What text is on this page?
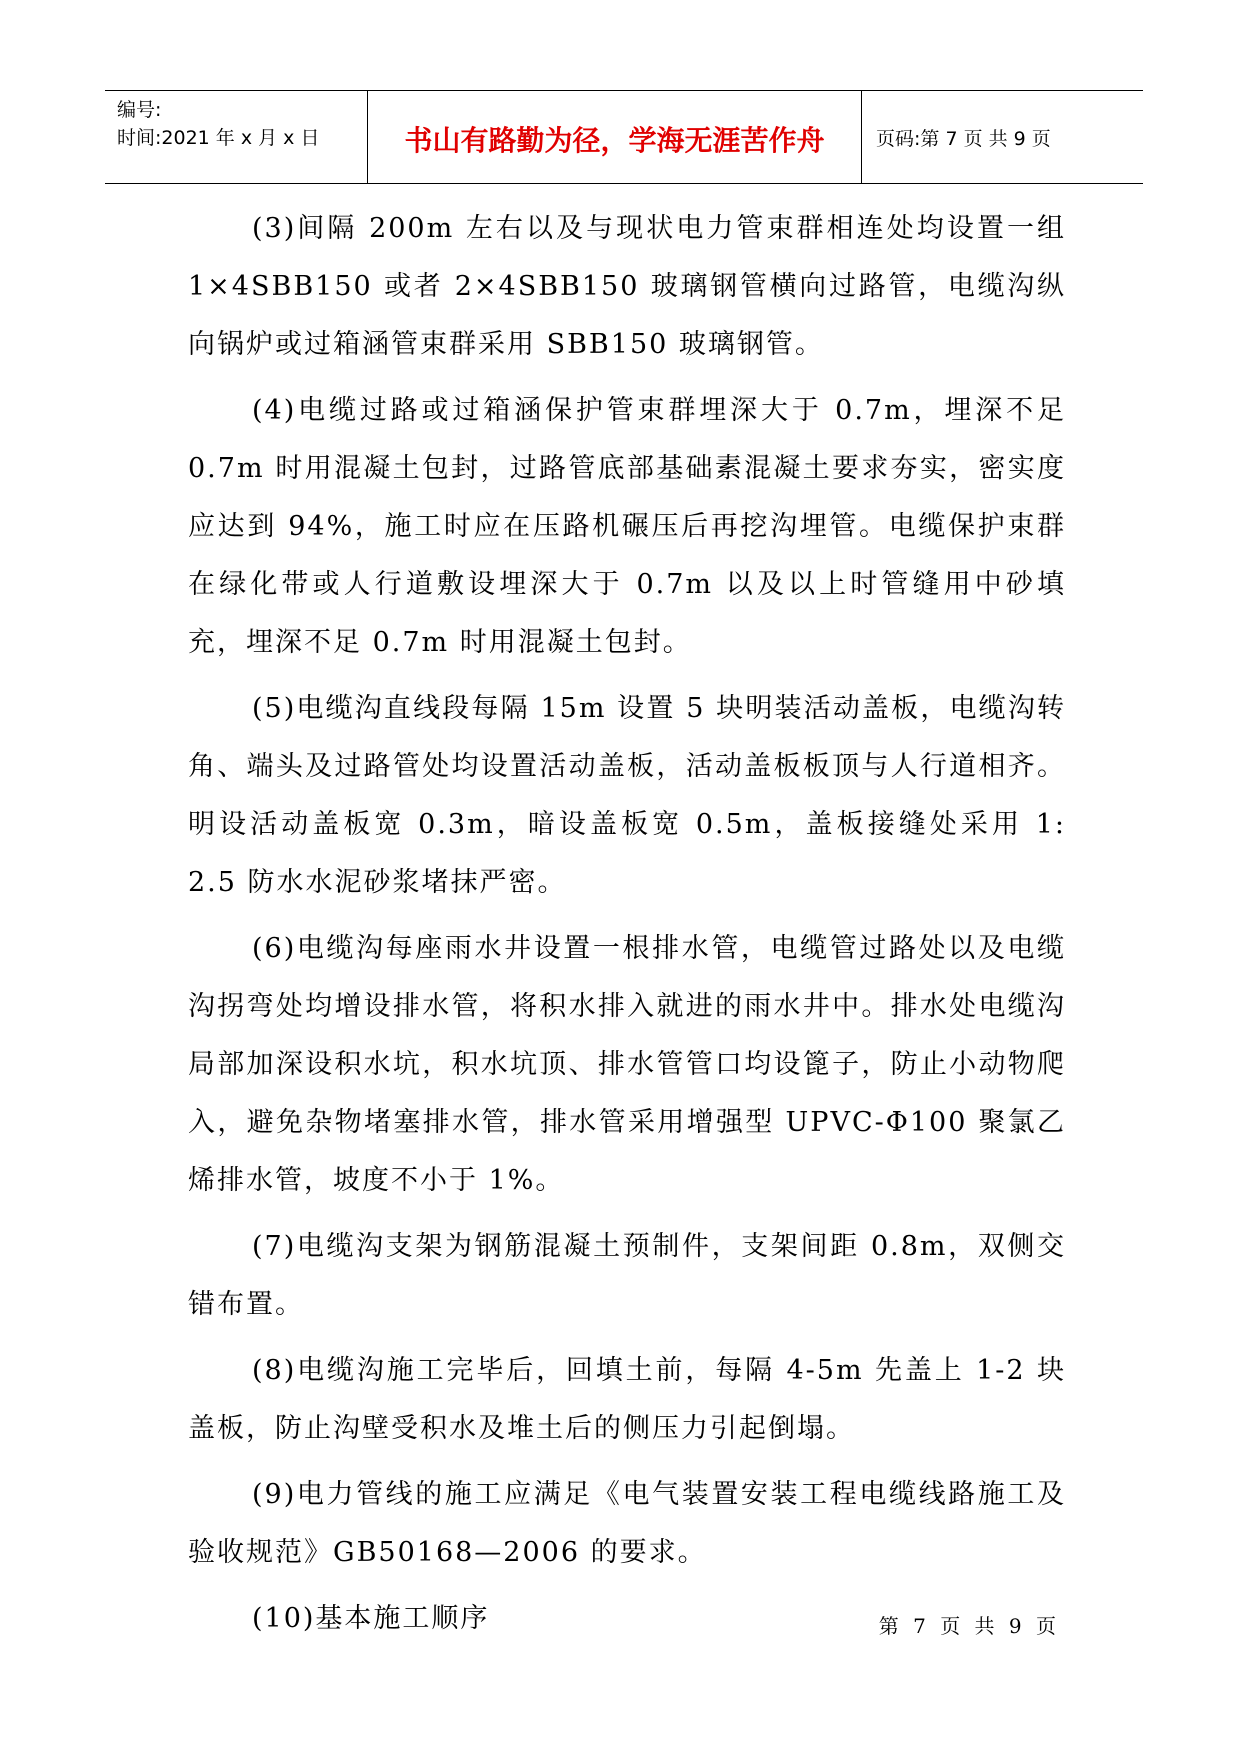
编号:
时间:2021 年 x 月 x 日	书山有路勤为径，学海无涯苦作舟	页码:第 7 页 共 9 页

(3)间隔 200m 左右以及与现状电力管束群相连处均设置一组 1×4SBB150 或者 2×4SBB150 玻璃钢管横向过路管，电缆沟纵向锅炉或过箱涵管束群采用 SBB150 玻璃钢管。

(4)电缆过路或过箱涵保护管束群埋深大于 0.7m，埋深不足 0.7m 时用混凝土包封，过路管底部基础素混凝土要求夯实，密实度应达到 94%，施工时应在压路机碾压后再挖沟埋管。电缆保护束群在绿化带或人行道敷设埋深大于 0.7m 以及以上时管缝用中砂填充，埋深不足 0.7m 时用混凝土包封。

(5)电缆沟直线段每隔 15m 设置 5 块明装活动盖板，电缆沟转角、端头及过路管处均设置活动盖板，活动盖板板顶与人行道相齐。明设活动盖板宽 0.3m，暗设盖板宽 0.5m，盖板接缝处采用 1: 2.5 防水水泥砂浆堵抹严密。

(6)电缆沟每座雨水井设置一根排水管，电缆管过路处以及电缆沟拐弯处均增设排水管，将积水排入就进的雨水井中。排水处电缆沟局部加深设积水坑，积水坑顶、排水管管口均设篦子，防止小动物爬入，避免杂物堵塞排水管，排水管采用增强型 UPVC-Φ100 聚氯乙烯排水管，坡度不小于 1%。

(7)电缆沟支架为钢筋混凝土预制件，支架间距 0.8m，双侧交错布置。

(8)电缆沟施工完毕后，回填土前，每隔 4-5m 先盖上 1-2 块盖板，防止沟壁受积水及堆土后的侧压力引起倒塌。

(9)电力管线的施工应满足《电气装置安装工程电缆线路施工及验收规范》GB50168—2006 的要求。

(10)基本施工顺序	第 7 页 共 9 页
